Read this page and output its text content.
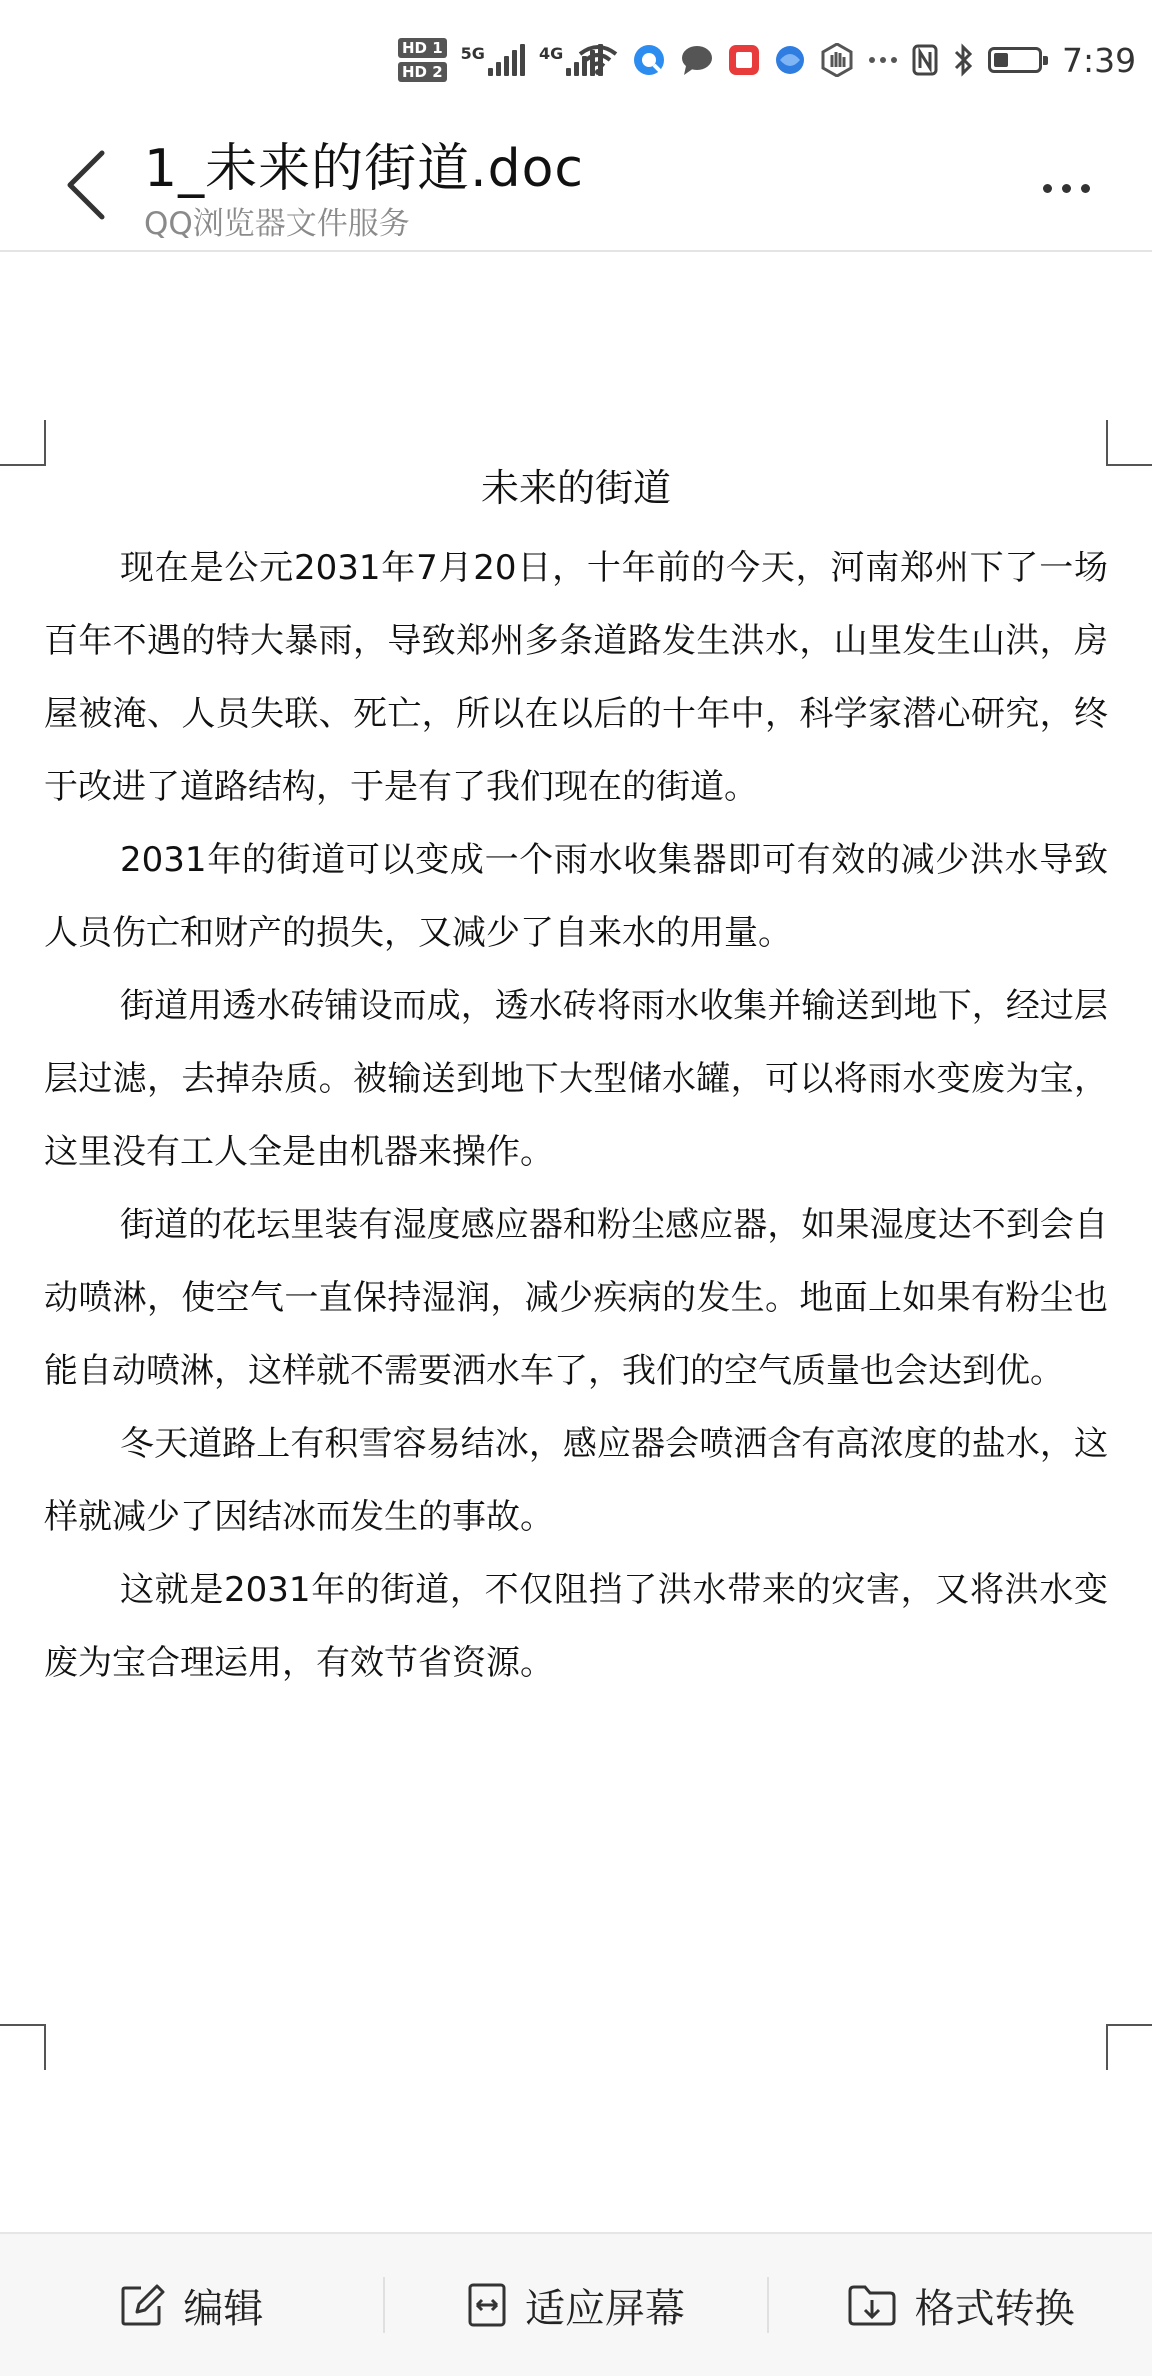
HD 1
HD 2
5G	4G	7:39
1_未来的街道.doc
QQ浏览器文件服务
未来的街道

现在是公元2031年7月20日，十年前的今天，河南郑州下了一场百年不遇的特大暴雨，导致郑州多条道路发生洪水，山里发生山洪，房屋被淹、人员失联、死亡，所以在以后的十年中，科学家潜心研究，终于改进了道路结构，于是有了我们现在的街道。

2031年的街道可以变成一个雨水收集器即可有效的减少洪水导致人员伤亡和财产的损失，又减少了自来水的用量。

街道用透水砖铺设而成，透水砖将雨水收集并输送到地下，经过层层过滤，去掉杂质。被输送到地下大型储水罐，可以将雨水变废为宝，这里没有工人全是由机器来操作。

街道的花坛里装有湿度感应器和粉尘感应器，如果湿度达不到会自动喷淋，使空气一直保持湿润，减少疾病的发生。地面上如果有粉尘也能自动喷淋，这样就不需要洒水车了，我们的空气质量也会达到优。

冬天道路上有积雪容易结冰，感应器会喷洒含有高浓度的盐水，这样就减少了因结冰而发生的事故。

这就是2031年的街道，不仅阻挡了洪水带来的灾害，又将洪水变废为宝合理运用，有效节省资源。

编辑	适应屏幕	格式转换
